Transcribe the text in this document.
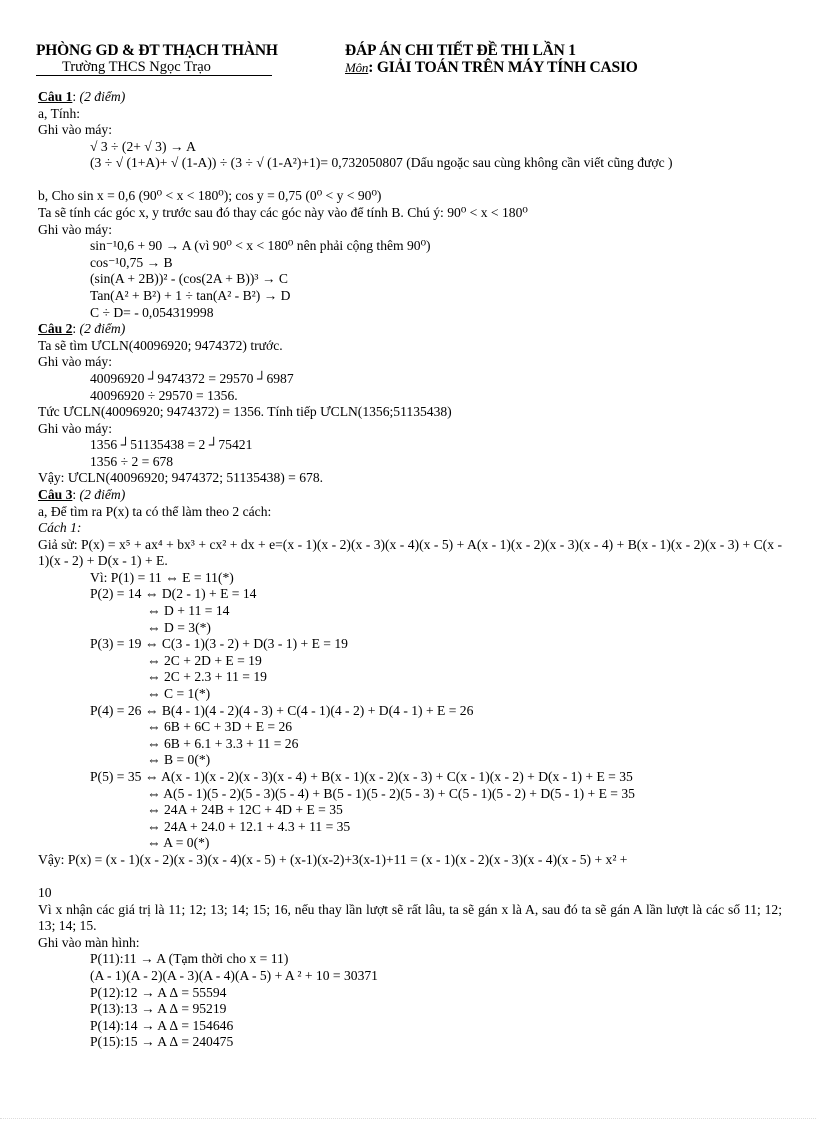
PHÒNG GD & ĐT THẠCH THÀNH
Trường THCS Ngọc Trạo
ĐÁP ÁN CHI TIẾT ĐỀ THI LẦN 1
Môn: GIẢI TOÁN TRÊN MÁY TÍNH CASIO
Câu 1: (2 điểm)
a, Tính:
Ghi vào máy:
√ 3 ÷ (2+ √ 3) → A
(3 ÷ √ (1+A)+ √ (1-A)) ÷ (3 ÷ √ (1-A²)+1)= 0,732050807 (Dấu ngoặc sau cùng không cần viết cũng được )
b, Cho sin x = 0,6 (90⁰ < x < 180⁰); cos y = 0,75 (0⁰ < y < 90⁰)
Ta sẽ tính các góc x, y trước sau đó thay các góc này vào để tính B. Chú ý: 90⁰ < x < 180⁰
Ghi vào máy:
sin⁻¹0,6 + 90 → A (vì 90⁰ < x < 180⁰ nên phải cộng thêm 90⁰)
cos⁻¹0,75 → B
(sin(A + 2B))² - (cos(2A + B))³ → C
Tan(A² + B²) + 1 ÷ tan(A² - B²) → D
C ÷ D= - 0,054319998
Câu 2: (2 điểm)
Ta sẽ tìm ƯCLN(40096920; 9474372) trước.
Ghi vào máy:
40096920 ┘9474372 = 29570 ┘6987
40096920 ÷ 29570 = 1356.
Tức ƯCLN(40096920; 9474372) = 1356. Tính tiếp ƯCLN(1356;51135438)
Ghi vào máy:
1356 ┘51135438 = 2 ┘75421
1356 ÷ 2 = 678
Vậy: ƯCLN(40096920; 9474372; 51135438) = 678.
Câu 3: (2 điểm)
a, Để tìm ra P(x) ta có thể làm theo 2 cách:
Cách 1:
Giả sử: P(x) = x⁵ + ax⁴ + bx³ + cx² + dx + e=(x - 1)(x - 2)(x - 3)(x - 4)(x - 5) + A(x - 1)(x - 2)(x - 3)(x - 4) + B(x - 1)(x - 2)(x - 3) + C(x - 1)(x - 2) + D(x - 1) + E.
Vì: P(1) = 11 ⇔ E = 11(*)
P(2) = 14 ⇔ D(2 - 1) + E = 14
⇔ D + 11 = 14
⇔ D = 3(*)
P(3) = 19 ⇔ C(3 - 1)(3 - 2) + D(3 - 1) + E = 19
⇔ 2C + 2D + E = 19
⇔ 2C + 2.3 + 11 = 19
⇔ C = 1(*)
P(4) = 26 ⇔ B(4 - 1)(4 - 2)(4 - 3) + C(4 - 1)(4 - 2) + D(4 - 1) + E = 26
⇔ 6B + 6C + 3D + E = 26
⇔ 6B + 6.1 + 3.3 + 11 = 26
⇔ B = 0(*)
P(5) = 35 ⇔ A(x - 1)(x - 2)(x - 3)(x - 4) + B(x - 1)(x - 2)(x - 3) + C(x - 1)(x - 2) + D(x - 1) + E = 35
⇔ A(5 - 1)(5 - 2)(5 - 3)(5 - 4) + B(5 - 1)(5 - 2)(5 - 3) + C(5 - 1)(5 - 2) + D(5 - 1) + E = 35
⇔ 24A + 24B + 12C + 4D + E = 35
⇔ 24A + 24.0 + 12.1 + 4.3 + 11 = 35
⇔ A = 0(*)
Vậy: P(x) = (x - 1)(x - 2)(x - 3)(x - 4)(x - 5) + (x-1)(x-2)+3(x-1)+11 = (x - 1)(x - 2)(x - 3)(x - 4)(x - 5) + x² +
10
Vì x nhận các giá trị là 11; 12; 13; 14; 15; 16, nếu thay lần lượt sẽ rất lâu, ta sẽ gán x là A, sau đó ta sẽ gán A lần lượt là các số 11; 12; 13; 14; 15.
Ghi vào màn hình:
P(11):11 → A (Tạm thời cho x = 11)
(A - 1)(A - 2)(A - 3)(A - 4)(A - 5) + A ² + 10 = 30371
P(12):12 → A ∆ = 55594
P(13):13 → A ∆ = 95219
P(14):14 → A ∆ = 154646
P(15):15 → A ∆ = 240475
